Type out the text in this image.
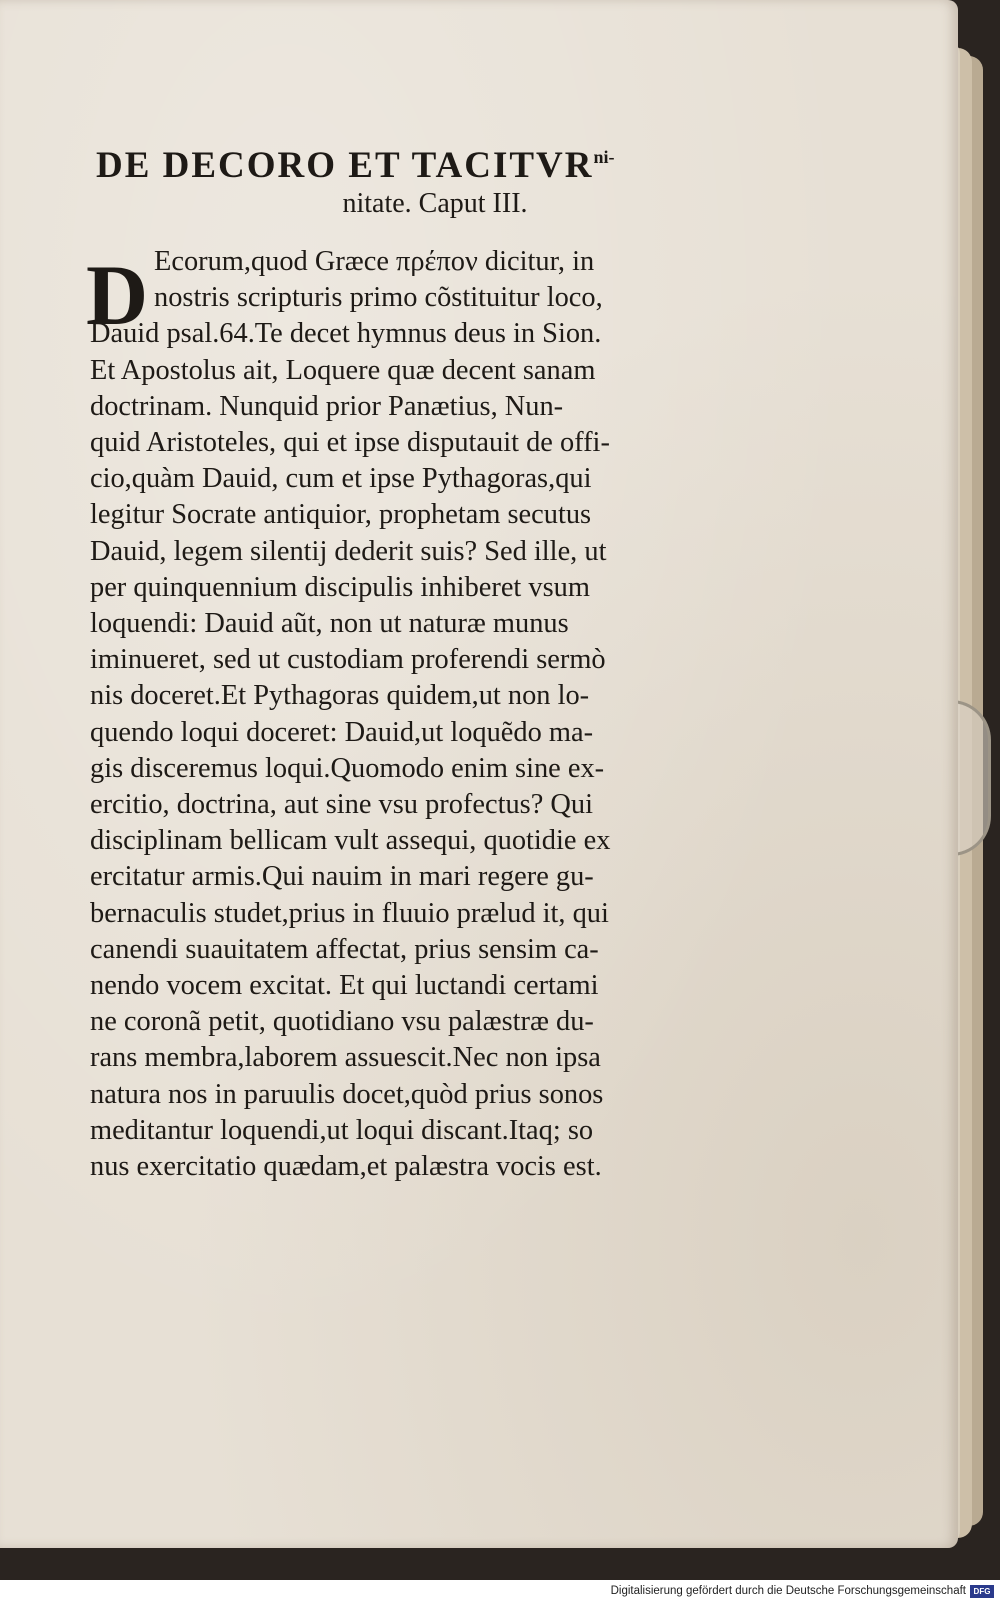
DE DECORO ET $TACITVR^{ni-}$
nitate. Caput III.
D Ecorum,quod Græce πρέπον dicitur, in
nostris scripturis primo cõstituitur loco,
Dauid psal.64.Te decet hymnus deus in Sion.
Et Apostolus ait, Loquere quæ decent sanam
doctrinam. Nunquid prior Panætius, Nun-
quid Aristoteles, qui et ipse disputauit de offi-
cio,quàm Dauid, cum et ipse Pythagoras,qui
legitur Socrate antiquior, prophetam secutus
Dauid, legem silentij dederit suis? Sed ille, ut
per quinquennium discipulis inhiberet vsum
loquendi: Dauid aũt, non ut naturæ munus
iminueret, sed ut custodiam proferendi sermò
nis doceret.Et Pythagoras quidem,ut non lo-
quendo loqui doceret: Dauid,ut loquẽdo ma-
gis disceremus loqui.Quomodo enim sine ex-
ercitio, doctrina, aut sine vsu profectus? Qui
disciplinam bellicam vult assequi, quotidie ex
ercitatur armis.Qui nauim in mari regere gu-
bernaculis studet,prius in fluuio prælud it, qui
canendi suauitatem affectat, prius sensim ca-
nendo vocem excitat. Et qui luctandi certami
ne coronã petit, quotidiano vsu palæstræ du-
rans membra,laborem assuescit.Nec non ipsa
natura nos in paruulis docet,quòd prius sonos
meditantur loquendi,ut loqui discant.Itaq; so
nus exercitatio quædam,et palæstra vocis est.
Digitalisierung gefördert durch die Deutsche Forschungsgemeinschaft DFG
